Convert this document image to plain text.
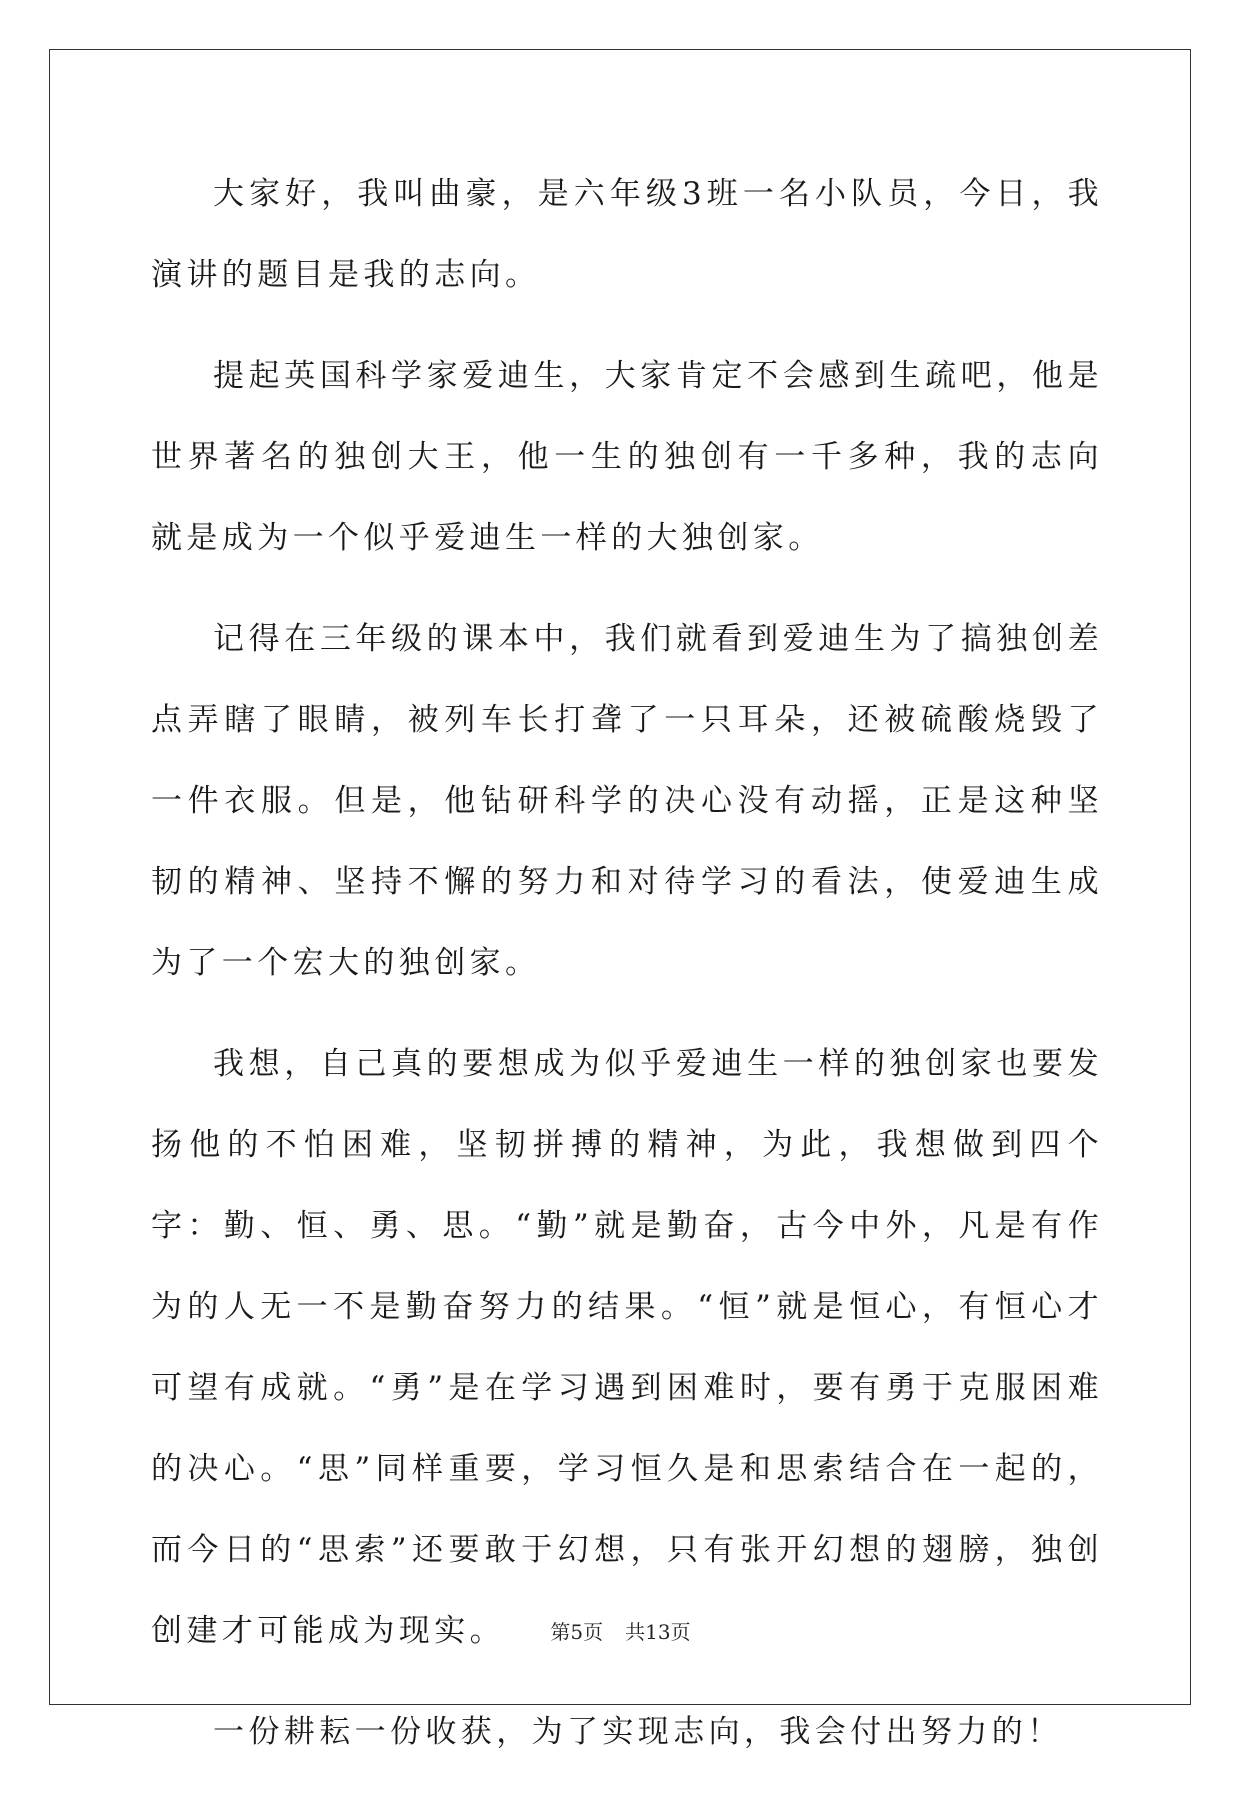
大家好，我叫曲豪，是六年级3班一名小队员，今日，我演讲的题目是我的志向。

提起英国科学家爱迪生，大家肯定不会感到生疏吧，他是世界著名的独创大王，他一生的独创有一千多种，我的志向就是成为一个似乎爱迪生一样的大独创家。

记得在三年级的课本中，我们就看到爱迪生为了搞独创差点弄瞎了眼睛，被列车长打聋了一只耳朵，还被硫酸烧毁了一件衣服。但是，他钻研科学的决心没有动摇，正是这种坚韧的精神、坚持不懈的努力和对待学习的看法，使爱迪生成为了一个宏大的独创家。

我想，自己真的要想成为似乎爱迪生一样的独创家也要发扬他的不怕困难，坚韧拼搏的精神，为此，我想做到四个字：勤、恒、勇、思。“勤”就是勤奋，古今中外，凡是有作为的人无一不是勤奋努力的结果。“恒”就是恒心，有恒心才可望有成就。“勇”是在学习遇到困难时，要有勇于克服困难的决心。“思”同样重要，学习恒久是和思索结合在一起的，而今日的“思索”还要敢于幻想，只有张开幻想的翅膀，独创创建才可能成为现实。

一份耕耘一份收获，为了实现志向，我会付出努力的！

第5页 共13页
